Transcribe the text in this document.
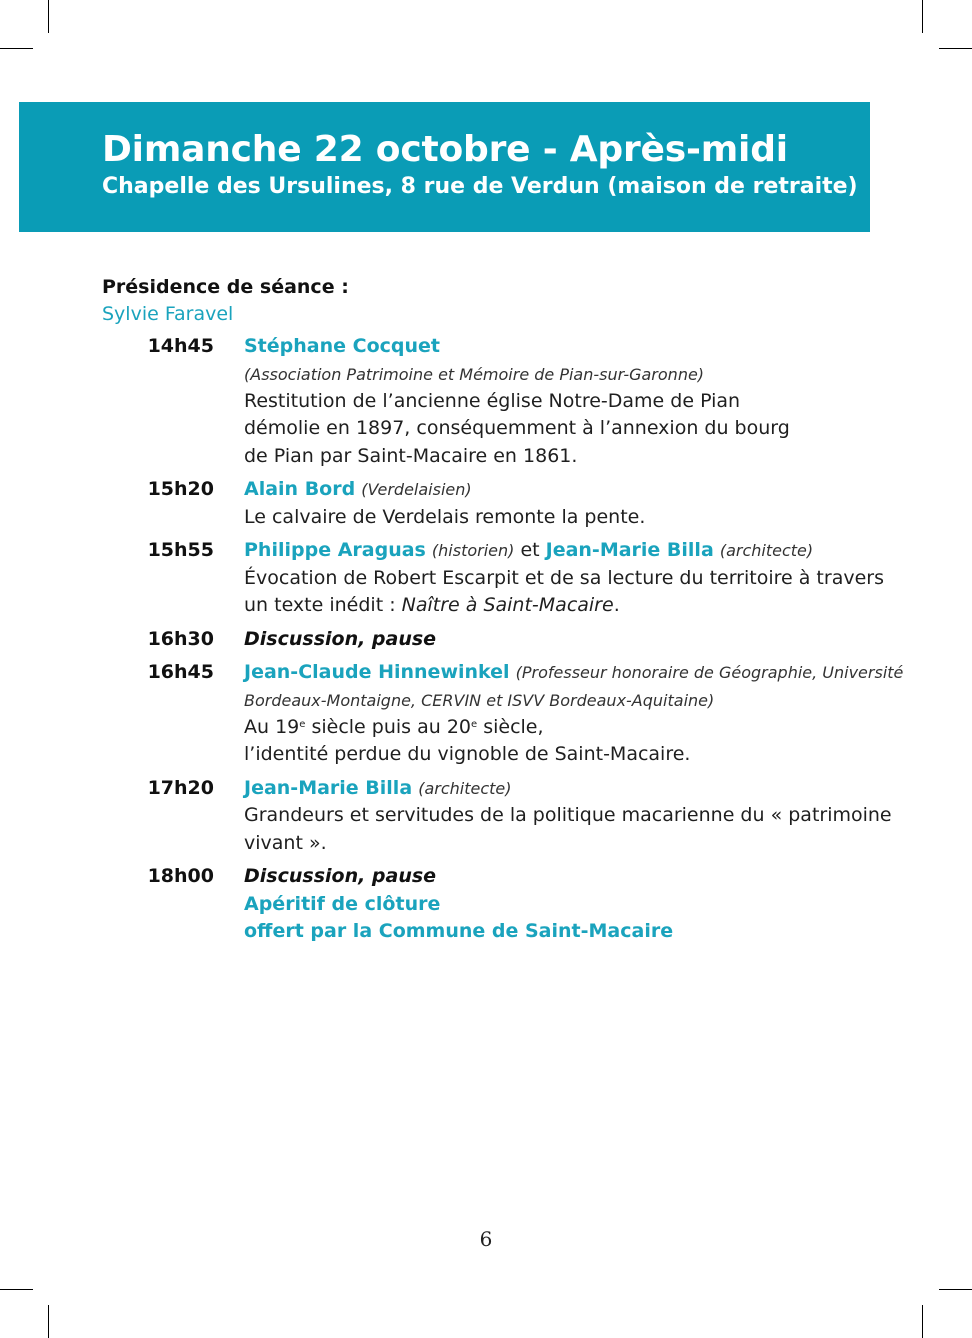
Dimanche 22 octobre - Après-midi
Chapelle des Ursulines, 8 rue de Verdun (maison de retraite)
Présidence de séance :
Sylvie Faravel
14h45 Stéphane Cocquet
(Association Patrimoine et Mémoire de Pian-sur-Garonne)
Restitution de l’ancienne église Notre-Dame de Pian
démolie en 1897, conséquemment à l’annexion du bourg
de Pian par Saint-Macaire en 1861.
15h20 Alain Bord (Verdelaisien)
Le calvaire de Verdelais remonte la pente.
15h55 Philippe Araguas (historien) et Jean-Marie Billa (architecte)
Évocation de Robert Escarpit et de sa lecture du territoire à travers
un texte inédit : Naître à Saint-Macaire.
16h30 Discussion, pause
16h45 Jean-Claude Hinnewinkel (Professeur honoraire de Géographie, Université
Bordeaux-Montaigne, CERVIN et ISVV Bordeaux-Aquitaine)
Au 19e siècle puis au 20e siècle,
l’identité perdue du vignoble de Saint-Macaire.
17h20 Jean-Marie Billa (architecte)
Grandeurs et servitudes de la politique macarienne du « patrimoine
vivant ».
18h00 Discussion, pause
Apéritif de clôture
offert par la Commune de Saint-Macaire
6
